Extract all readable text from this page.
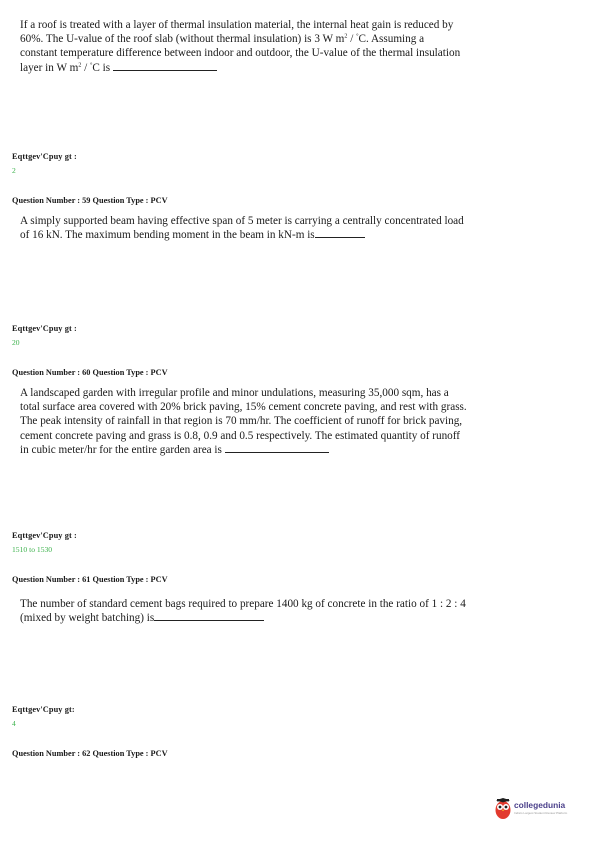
If a roof is treated with a layer of thermal insulation material, the internal heat gain is reduced by
60%. The U-value of the roof slab (without thermal insulation) is 3 W $m^2 / ^\circ C$. Assuming a
constant temperature difference between indoor and outdoor, the U-value of the thermal insulation
layer in W $m^2 / ^\circ C$ is
Eqttgev'Cpuy gt :
2
Question Number : 59 Question Type : PCV
A simply supported beam having effective span of 5 meter is carrying a centrally concentrated load
of 16 kN. The maximum bending moment in the beam in kN-m is
Eqttgev'Cpuy gt :
20
Question Number : 60 Question Type : PCV
A landscaped garden with irregular profile and minor undulations, measuring 35,000 sqm, has a
total surface area covered with 20% brick paving, 15% cement concrete paving, and rest with grass.
The peak intensity of rainfall in that region is 70 mm/hr. The coefficient of runoff for brick paving,
cement concrete paving and grass is 0.8, 0.9 and 0.5 respectively. The estimated quantity of runoff
in cubic meter/hr for the entire garden area is
Eqttgev'Cpuy gt :
1510 to 1530
Question Number : 61 Question Type : PCV
The number of standard cement bags required to prepare 1400 kg of concrete in the ratio of 1 : 2 : 4
(mixed by weight batching) is
Eqttgev'Cpuy gt:
4
Question Number : 62 Question Type : PCV
collegedunia
India's Largest Student Review Platform
